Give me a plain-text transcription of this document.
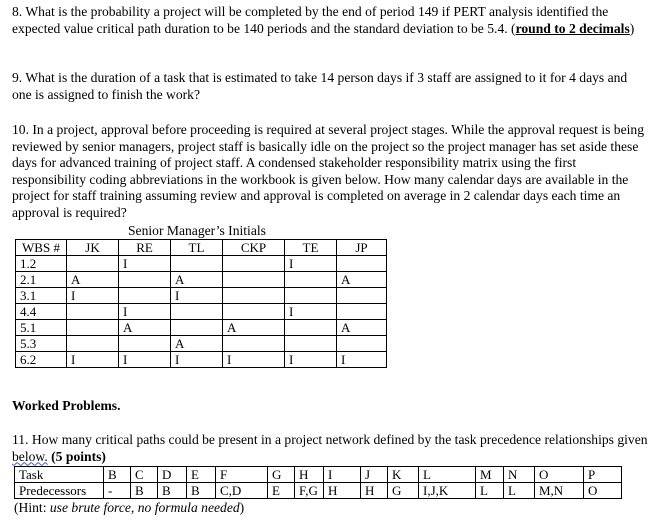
8. What is the probability a project will be completed by the end of period 149 if PERT analysis identified the expected value critical path duration to be 140 periods and the standard deviation to be 5.4. (round to 2 decimals)
9. What is the duration of a task that is estimated to take 14 person days if 3 staff are assigned to it for 4 days and one is assigned to finish the work?
10. In a project, approval before proceeding is required at several project stages. While the approval request is being reviewed by senior managers, project staff is basically idle on the project so the project manager has set aside these days for advanced training of project staff. A condensed stakeholder responsibility matrix using the first responsibility coding abbreviations in the workbook is given below. How many calendar days are available in the project for staff training assuming review and approval is completed on average in 2 calendar days each time an approval is required?
Senior Manager’s Initials
WBS #	JK	RE	TL	CKP	TE	JP
1.2		I			I	
2.1	A		A			A
3.1	I		I			
4.4		I			I	
5.1		A		A		A
5.3			A			
6.2	I	I	I	I	I	I
Worked Problems.
11. How many critical paths could be present in a project network defined by the task precedence relationships given below. (5 points)
Task	B	C	D	E	F	G	H	I	J	K	L	M	N	O	P
Predecessors	-	B	B	B	C,D	E	F,G	H	H	G	I,J,K	L	L	M,N	O
(Hint: use brute force, no formula needed)
